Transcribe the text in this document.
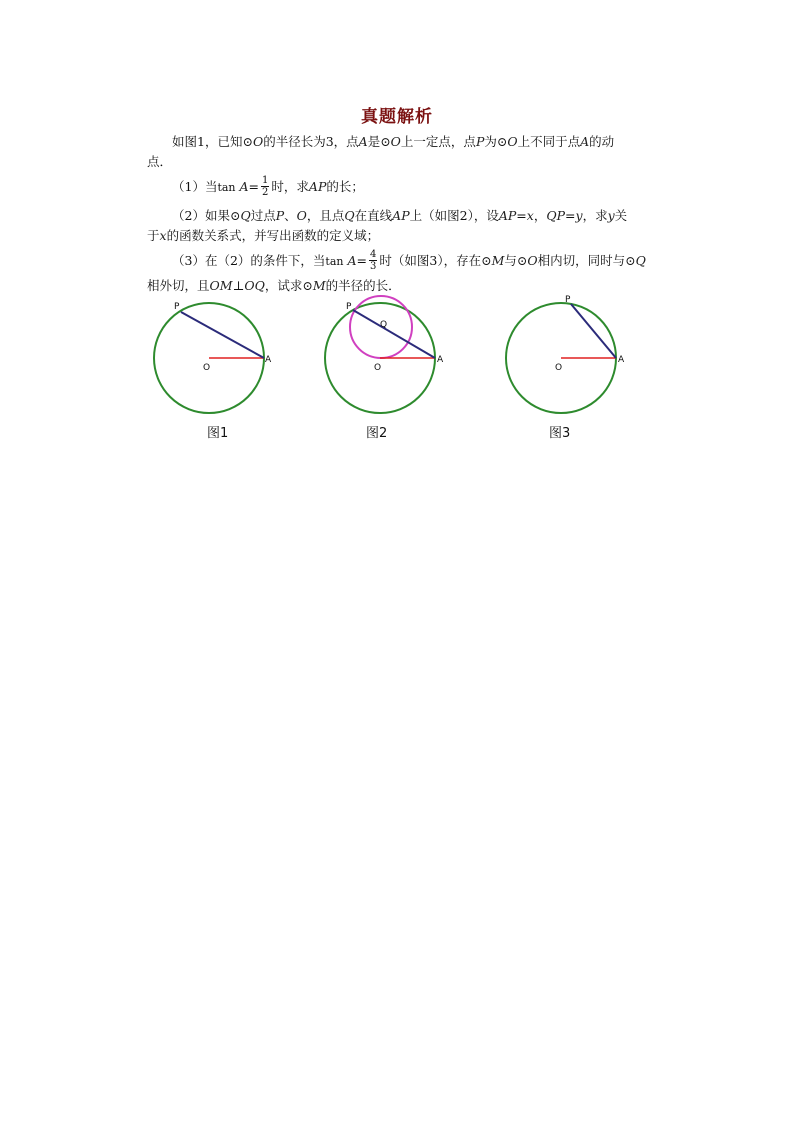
真题解析
如图1，已知⊙O的半径长为3，点A是⊙O上一定点，点P为⊙O上不同于点A的动
点．
（1）当$\tan A= \frac{1}{2}$ 时，求AP的长；
（2）如果⊙Q过点P、O，且点Q在直线AP上（如图2），设AP=x，QP=y，求y关
于x的函数关系式，并写出函数的定义域；
（3）在（2）的条件下，当$\tan A= \frac{4}{3}$ 时（如图3），存在⊙M与⊙O相内切，同时与⊙Q
相外切，且OM⊥OQ，试求⊙M的半径的长．
P
O
A
P
Q
O
A
P
O
A
图1	图2	图3
